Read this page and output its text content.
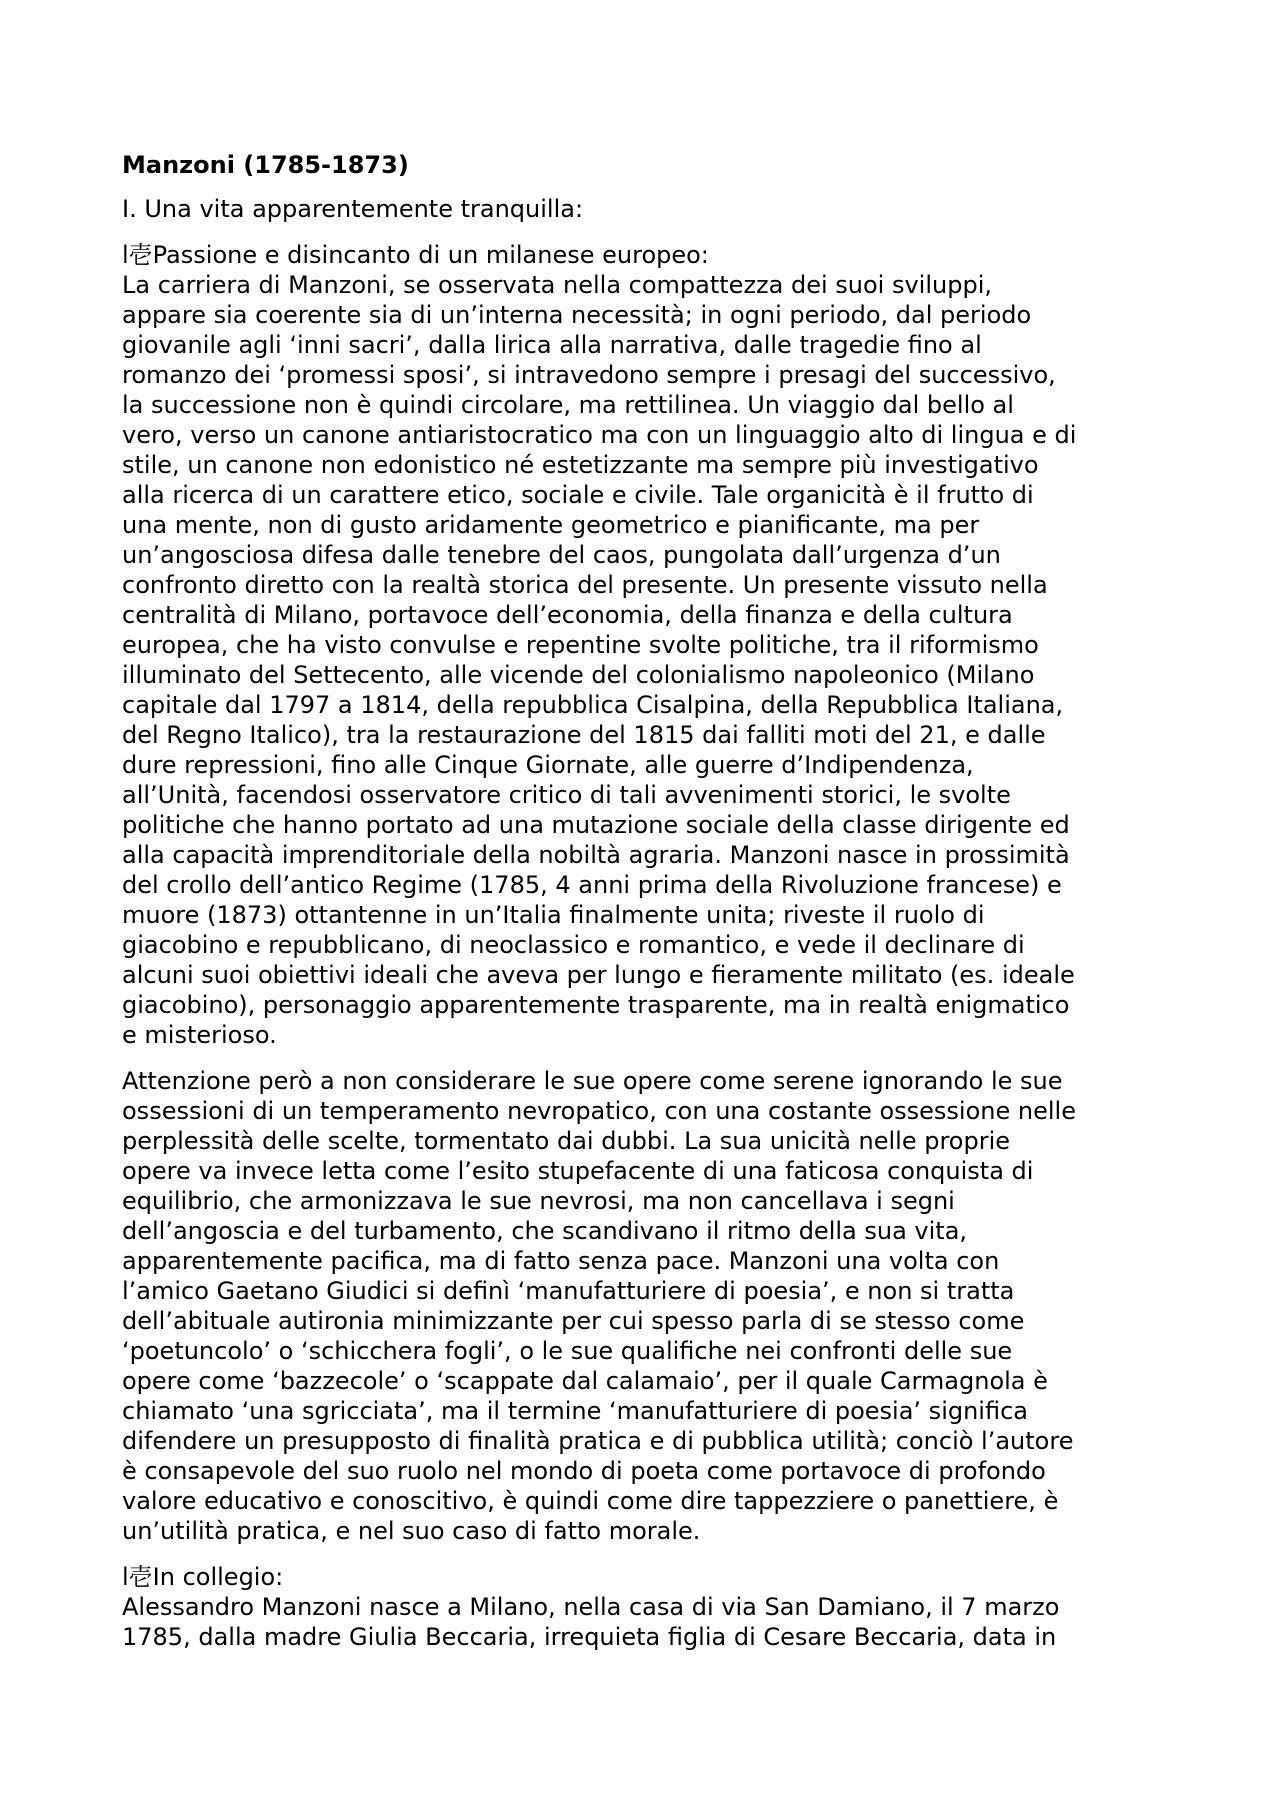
Manzoni (1785-1873)
I. Una vita apparentemente tranquilla:
l壱Passione e disincanto di un milanese europeo:
La carriera di Manzoni, se osservata nella compattezza dei suoi sviluppi,
appare sia coerente sia di un’interna necessità; in ogni periodo, dal periodo
giovanile agli ‘inni sacri’, dalla lirica alla narrativa, dalle tragedie fino al
romanzo dei ‘promessi sposi’, si intravedono sempre i presagi del successivo,
la successione non è quindi circolare, ma rettilinea. Un viaggio dal bello al
vero, verso un canone antiaristocratico ma con un linguaggio alto di lingua e di
stile, un canone non edonistico né estetizzante ma sempre più investigativo
alla ricerca di un carattere etico, sociale e civile. Tale organicità è il frutto di
una mente, non di gusto aridamente geometrico e pianificante, ma per
un’angosciosa difesa dalle tenebre del caos, pungolata dall’urgenza d’un
confronto diretto con la realtà storica del presente. Un presente vissuto nella
centralità di Milano, portavoce dell’economia, della finanza e della cultura
europea, che ha visto convulse e repentine svolte politiche, tra il riformismo
illuminato del Settecento, alle vicende del colonialismo napoleonico (Milano
capitale dal 1797 a 1814, della repubblica Cisalpina, della Repubblica Italiana,
del Regno Italico), tra la restaurazione del 1815 dai falliti moti del 21, e dalle
dure repressioni, fino alle Cinque Giornate, alle guerre d’Indipendenza,
all’Unità, facendosi osservatore critico di tali avvenimenti storici, le svolte
politiche che hanno portato ad una mutazione sociale della classe dirigente ed
alla capacità imprenditoriale della nobiltà agraria. Manzoni nasce in prossimità
del crollo dell’antico Regime (1785, 4 anni prima della Rivoluzione francese) e
muore (1873) ottantenne in un’Italia finalmente unita; riveste il ruolo di
giacobino e repubblicano, di neoclassico e romantico, e vede il declinare di
alcuni suoi obiettivi ideali che aveva per lungo e fieramente militato (es. ideale
giacobino), personaggio apparentemente trasparente, ma in realtà enigmatico
e misterioso.
Attenzione però a non considerare le sue opere come serene ignorando le sue
ossessioni di un temperamento nevropatico, con una costante ossessione nelle
perplessità delle scelte, tormentato dai dubbi. La sua unicità nelle proprie
opere va invece letta come l’esito stupefacente di una faticosa conquista di
equilibrio, che armonizzava le sue nevrosi, ma non cancellava i segni
dell’angoscia e del turbamento, che scandivano il ritmo della sua vita,
apparentemente pacifica, ma di fatto senza pace. Manzoni una volta con
l’amico Gaetano Giudici si definì ‘manufatturiere di poesia’, e non si tratta
dell’abituale autironia minimizzante per cui spesso parla di se stesso come
‘poetuncolo’ o ‘schicchera fogli’, o le sue qualifiche nei confronti delle sue
opere come ‘bazzecole’ o ‘scappate dal calamaio’, per il quale Carmagnola è
chiamato ‘una sgricciata’, ma il termine ‘manufatturiere di poesia’ significa
difendere un presupposto di finalità pratica e di pubblica utilità; conciò l’autore
è consapevole del suo ruolo nel mondo di poeta come portavoce di profondo
valore educativo e conoscitivo, è quindi come dire tappezziere o panettiere, è
un’utilità pratica, e nel suo caso di fatto morale.
l壱In collegio:
Alessandro Manzoni nasce a Milano, nella casa di via San Damiano, il 7 marzo
1785, dalla madre Giulia Beccaria, irrequieta figlia di Cesare Beccaria, data in
